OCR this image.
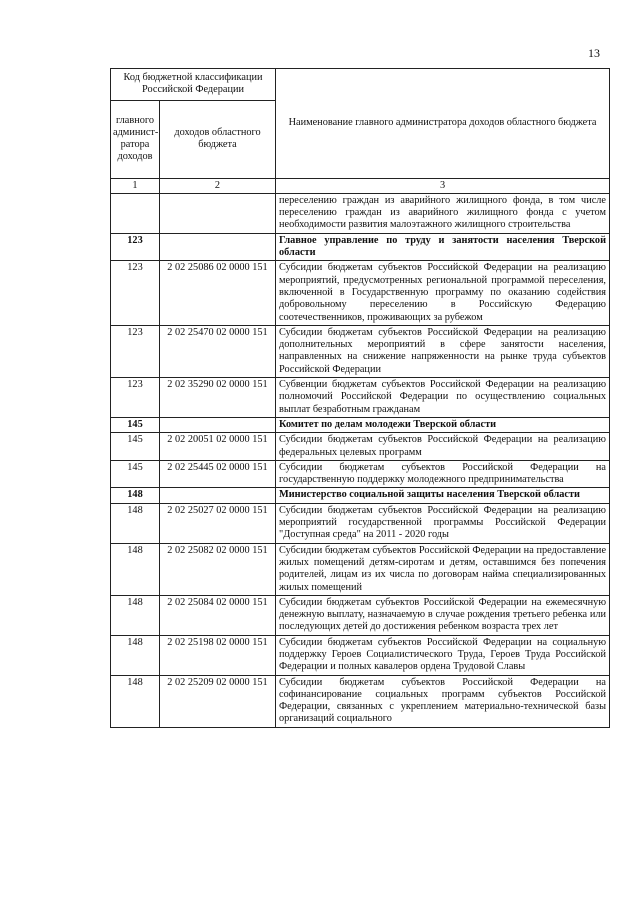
13
Код бюджетной классификации Российской Федерации		Наименование главного администратора доходов областного бюджета
главного админист-ратора доходов	доходов областного бюджета	
1	2	3
		переселению граждан из аварийного жилищного фонда, в том числе переселению граждан из аварийного жилищного фонда с учетом необходимости развития малоэтажного жилищного строительства
123		Главное управление по труду и занятости населения Тверской области
123	2 02 25086 02 0000 151	Субсидии бюджетам субъектов Российской Федерации на реализацию мероприятий, предусмотренных региональной программой переселения, включенной в Государственную программу по оказанию содействия добровольному переселению в Российскую Федерацию соотечественников, проживающих за рубежом
123	2 02 25470 02 0000 151	Субсидии бюджетам субъектов Российской Федерации на реализацию дополнительных мероприятий в сфере занятости населения, направленных на снижение напряженности на рынке труда субъектов Российской Федерации
123	2 02 35290 02 0000 151	Субвенции бюджетам субъектов Российской Федерации на реализацию полномочий Российской Федерации по осуществлению социальных выплат безработным гражданам
145		Комитет по делам молодежи Тверской области
145	2 02 20051 02 0000 151	Субсидии бюджетам субъектов Российской Федерации на реализацию федеральных целевых программ
145	2 02 25445 02 0000 151	Субсидии бюджетам субъектов Российской Федерации на государственную поддержку молодежного предпринимательства
148		Министерство социальной защиты населения Тверской области
148	2 02 25027 02 0000 151	Субсидии бюджетам субъектов Российской Федерации на реализацию мероприятий государственной программы Российской Федерации "Доступная среда" на 2011 - 2020 годы
148	2 02 25082 02 0000 151	Субсидии бюджетам субъектов Российской Федерации на предоставление жилых помещений детям-сиротам и детям, оставшимся без попечения родителей, лицам из их числа по договорам найма специализированных жилых помещений
148	2 02 25084 02 0000 151	Субсидии бюджетам субъектов Российской Федерации на ежемесячную денежную выплату, назначаемую в случае рождения третьего ребенка или последующих детей до достижения ребенком возраста трех лет
148	2 02 25198 02 0000 151	Субсидии бюджетам субъектов Российской Федерации на социальную поддержку Героев Социалистического Труда, Героев Труда Российской Федерации и полных кавалеров ордена Трудовой Славы
148	2 02 25209 02 0000 151	Субсидии бюджетам субъектов Российской Федерации на софинансирование социальных программ субъектов Российской Федерации, связанных с укреплением материально-технической базы организаций социального
